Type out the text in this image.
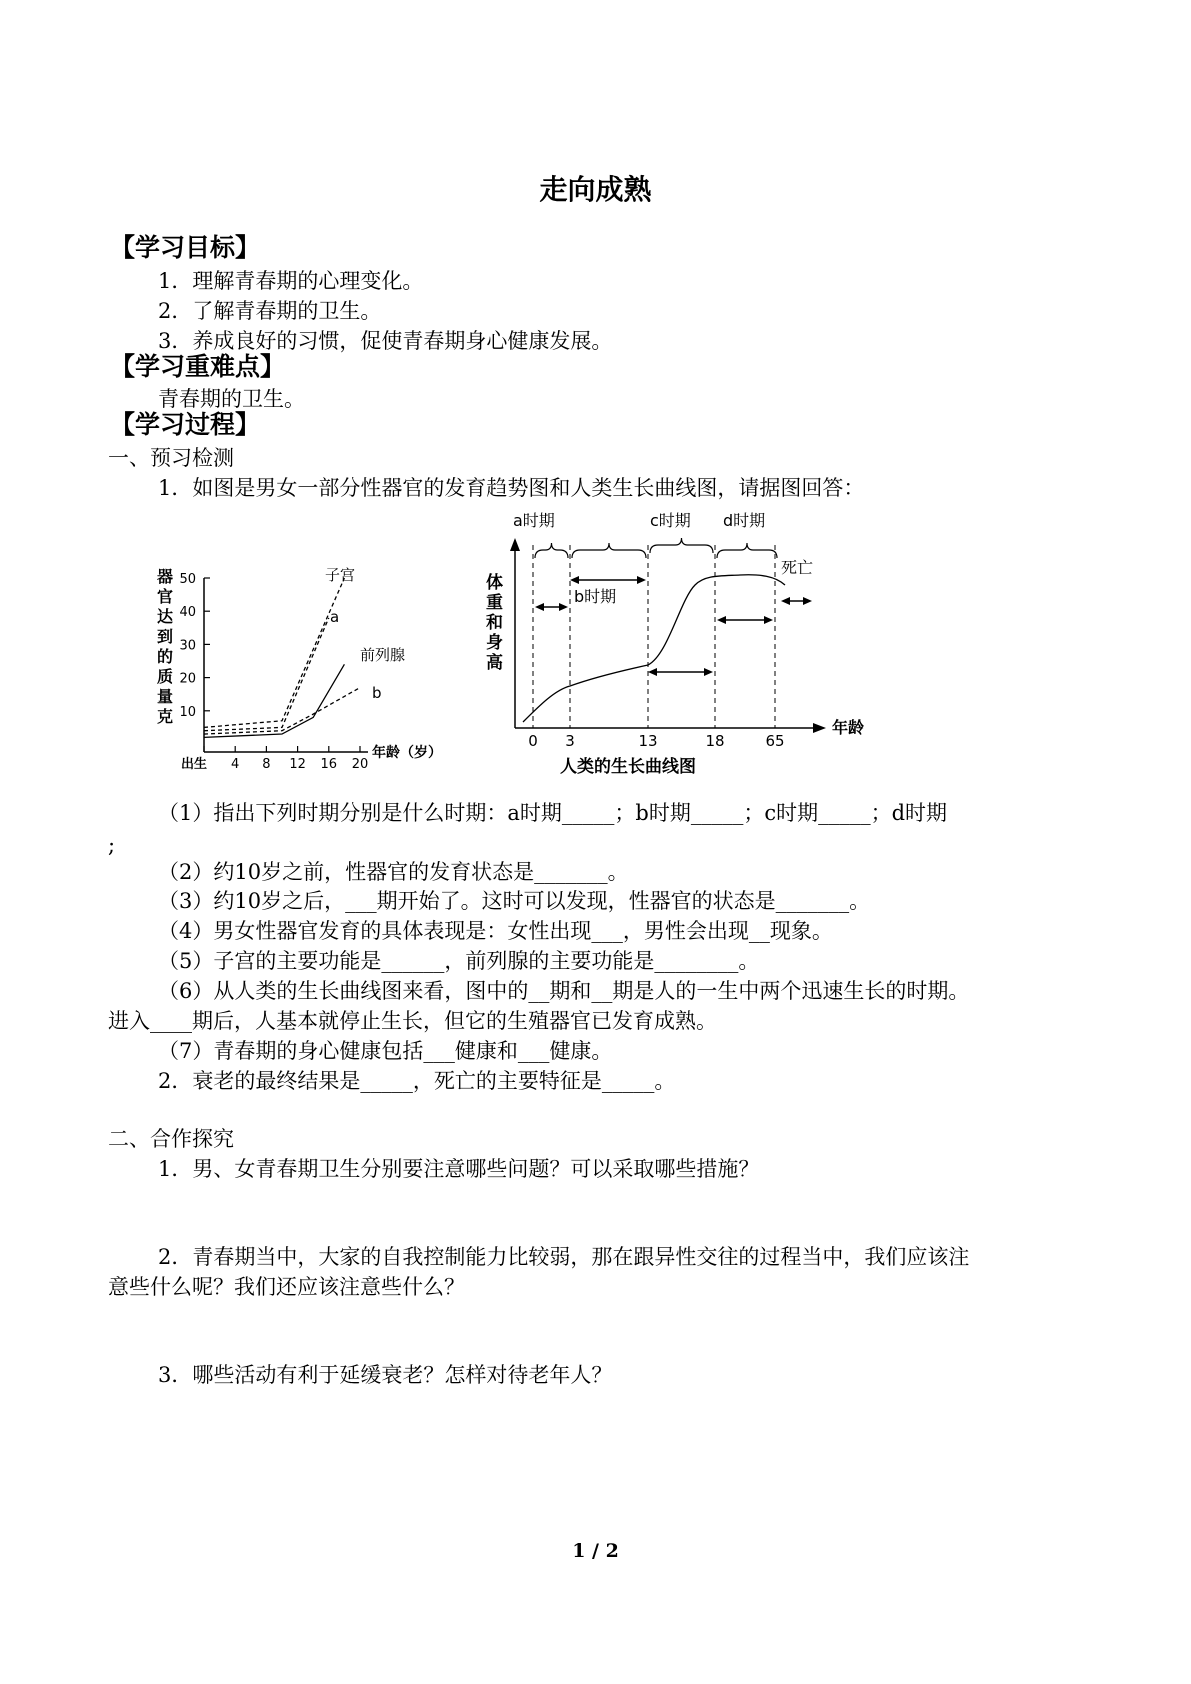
走向成熟
【学习目标】
1．理解青春期的心理变化。
2．了解青春期的卫生。
3．养成良好的习惯，促使青春期身心健康发展。
【学习重难点】
青春期的卫生。
【学习过程】
一、预习检测
1．如图是男女一部分性器官的发育趋势图和人类生长曲线图，请据图回答：
10
20
30
40
50
出生 4 8 12 16 20
子宫
a
前列腺
b
器官达到的质量克
年龄（岁）
0 3	13	18	65
a时期
b时期
c时期 d时期
死亡
体重和身高
年龄
人类的生长曲线图
（1）指出下列时期分别是什么时期：a时期_____；b时期_____；c时期_____；d时期
;
（2）约10岁之前，性器官的发育状态是_______。
（3）约10岁之后，___期开始了。这时可以发现，性器官的状态是_______。
（4）男女性器官发育的具体表现是：女性出现___，男性会出现__现象。
（5）子宫的主要功能是______，前列腺的主要功能是________。
（6）从人类的生长曲线图来看，图中的__期和__期是人的一生中两个迅速生长的时期。
进入____期后，人基本就停止生长，但它的生殖器官已发育成熟。
（7）青春期的身心健康包括___健康和___健康。
2．衰老的最终结果是_____，死亡的主要特征是_____。
二、合作探究
1．男、女青春期卫生分别要注意哪些问题？可以采取哪些措施？
2．青春期当中，大家的自我控制能力比较弱，那在跟异性交往的过程当中，我们应该注
意些什么呢？我们还应该注意些什么？
3．哪些活动有利于延缓衰老？怎样对待老年人？
1 / 2
